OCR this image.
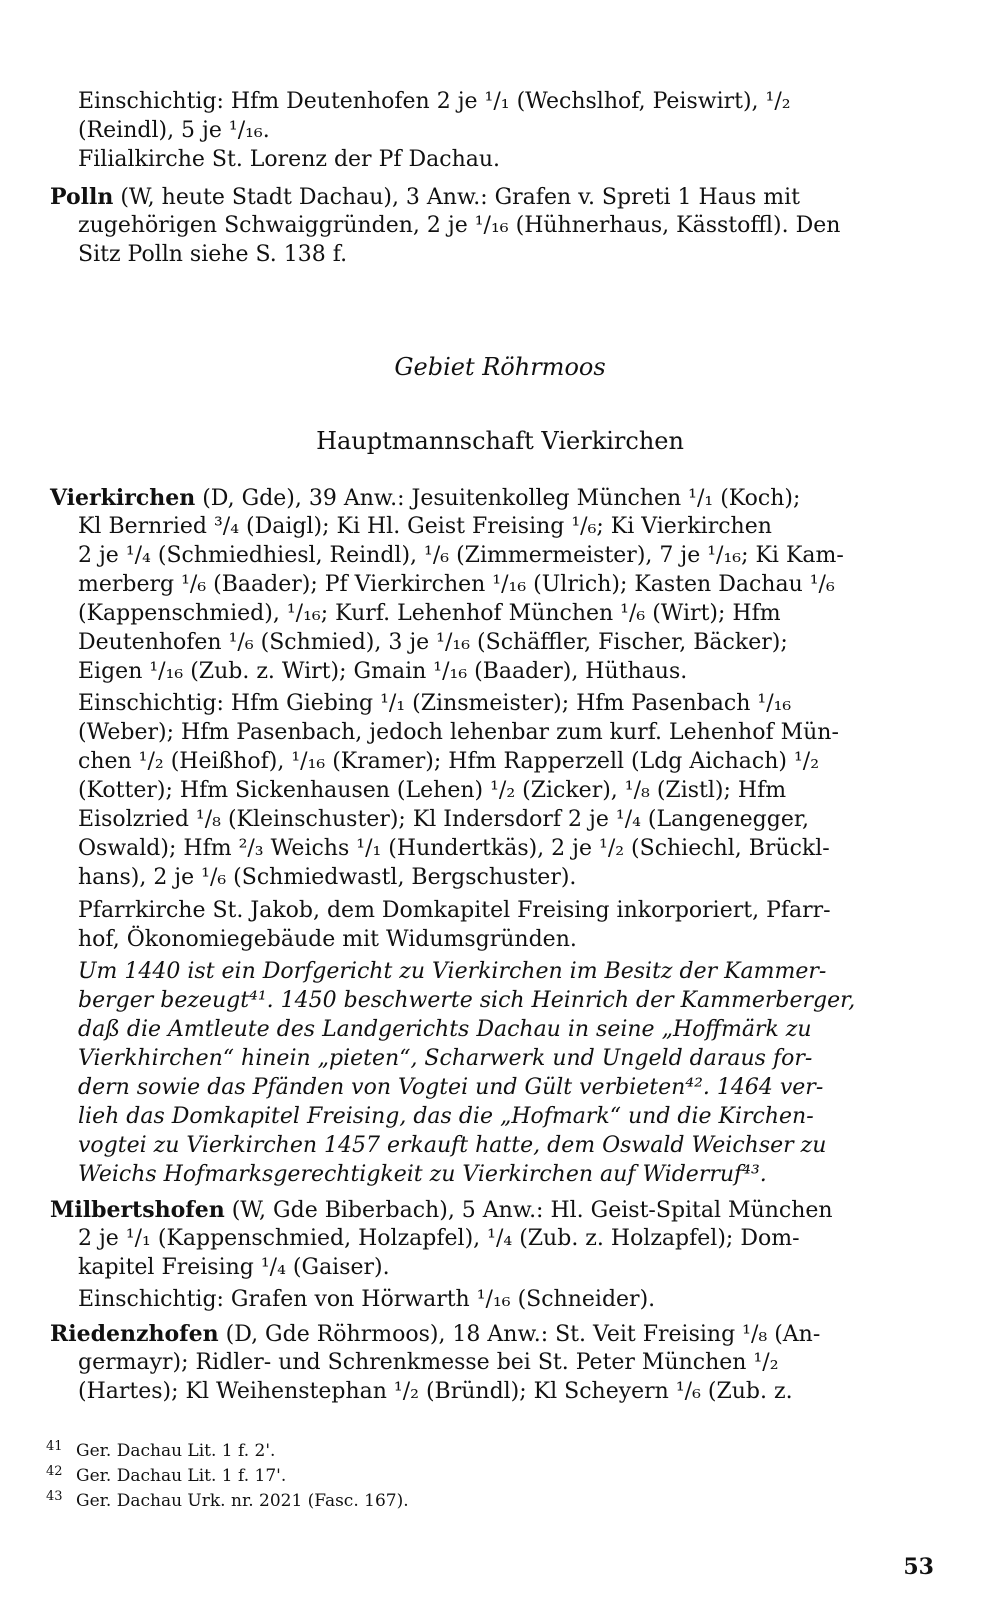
Einschichtig: Hfm Deutenhofen 2 je ¹/₁ (Wechslhof, Peiswirt), ¹/₂
(Reindl), 5 je ¹/₁₆.
Filialkirche St. Lorenz der Pf Dachau.
Polln (W, heute Stadt Dachau), 3 Anw.: Grafen v. Spreti 1 Haus mit
zugehörigen Schwaiggründen, 2 je ¹/₁₆ (Hühnerhaus, Kässtoffl). Den
Sitz Polln siehe S. 138 f.
Gebiet Röhrmoos
Hauptmannschaft Vierkirchen
Vierkirchen (D, Gde), 39 Anw.: Jesuitenkolleg München ¹/₁ (Koch);
Kl Bernried ³/₄ (Daigl); Ki Hl. Geist Freising ¹/₆; Ki Vierkirchen
2 je ¹/₄ (Schmiedhiesl, Reindl), ¹/₆ (Zimmermeister), 7 je ¹/₁₆; Ki Kam-
merberg ¹/₆ (Baader); Pf Vierkirchen ¹/₁₆ (Ulrich); Kasten Dachau ¹/₆
(Kappenschmied), ¹/₁₆; Kurf. Lehenhof München ¹/₆ (Wirt); Hfm
Deutenhofen ¹/₆ (Schmied), 3 je ¹/₁₆ (Schäffler, Fischer, Bäcker);
Eigen ¹/₁₆ (Zub. z. Wirt); Gmain ¹/₁₆ (Baader), Hüthaus.
Einschichtig: Hfm Giebing ¹/₁ (Zinsmeister); Hfm Pasenbach ¹/₁₆
(Weber); Hfm Pasenbach, jedoch lehenbar zum kurf. Lehenhof Mün-
chen ¹/₂ (Heißhof), ¹/₁₆ (Kramer); Hfm Rapperzell (Ldg Aichach) ¹/₂
(Kotter); Hfm Sickenhausen (Lehen) ¹/₂ (Zicker), ¹/₈ (Zistl); Hfm
Eisolzried ¹/₈ (Kleinschuster); Kl Indersdorf 2 je ¹/₄ (Langenegger,
Oswald); Hfm ²/₃ Weichs ¹/₁ (Hundertkäs), 2 je ¹/₂ (Schiechl, Brückl-
hans), 2 je ¹/₆ (Schmiedwastl, Bergschuster).
Pfarrkirche St. Jakob, dem Domkapitel Freising inkorporiert, Pfarr-
hof, Ökonomiegebäude mit Widumsgründen.
Um 1440 ist ein Dorfgericht zu Vierkirchen im Besitz der Kammer-
berger bezeugt⁴¹. 1450 beschwerte sich Heinrich der Kammerberger,
daß die Amtleute des Landgerichts Dachau in seine „Hoffmärk zu
Vierkhirchen“ hinein „pieten“, Scharwerk und Ungeld daraus for-
dern sowie das Pfänden von Vogtei und Gült verbieten⁴². 1464 ver-
lieh das Domkapitel Freising, das die „Hofmark“ und die Kirchen-
vogtei zu Vierkirchen 1457 erkauft hatte, dem Oswald Weichser zu
Weichs Hofmarksgerechtigkeit zu Vierkirchen auf Widerruf⁴³.
Milbertshofen (W, Gde Biberbach), 5 Anw.: Hl. Geist-Spital München
2 je ¹/₁ (Kappenschmied, Holzapfel), ¹/₄ (Zub. z. Holzapfel); Dom-
kapitel Freising ¹/₄ (Gaiser).
Einschichtig: Grafen von Hörwarth ¹/₁₆ (Schneider).
Riedenzhofen (D, Gde Röhrmoos), 18 Anw.: St. Veit Freising ¹/₈ (An-
germayr); Ridler- und Schrenkmesse bei St. Peter München ¹/₂
(Hartes); Kl Weihenstephan ¹/₂ (Bründl); Kl Scheyern ¹/₆ (Zub. z.
41 Ger. Dachau Lit. 1 f. 2'.
42 Ger. Dachau Lit. 1 f. 17'.
43 Ger. Dachau Urk. nr. 2021 (Fasc. 167).
53
